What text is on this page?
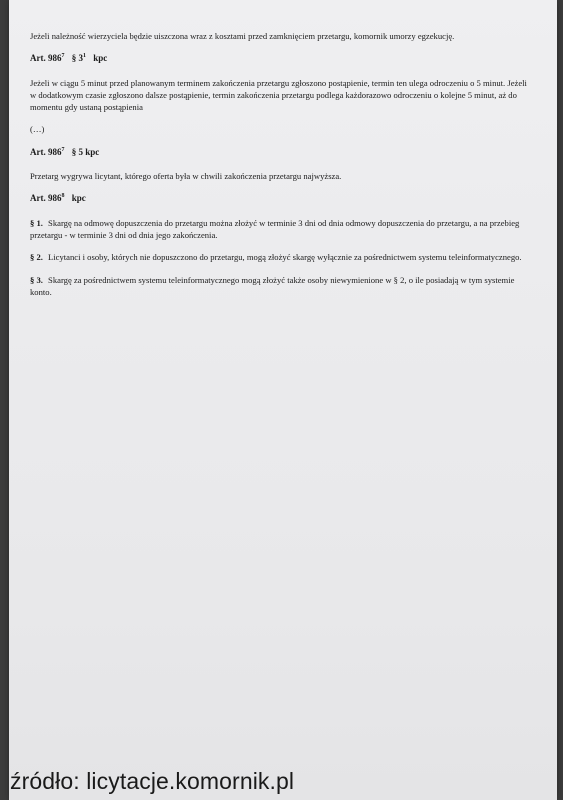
Jeżeli należność wierzyciela będzie uiszczona wraz z kosztami przed zamknięciem przetargu, komornik umorzy egzekucję.

Art. $986^7$ § $3^1$ kpc

Jeżeli w ciągu 5 minut przed planowanym terminem zakończenia przetargu zgłoszono postąpienie, termin ten ulega odroczeniu o 5 minut. Jeżeli w dodatkowym czasie zgłoszono dalsze postąpienie, termin zakończenia przetargu podlega każdorazowo odroczeniu o kolejne 5 minut, aż do momentu gdy ustaną postąpienia

(…)

Art. $986^7$ § 5 kpc

Przetarg wygrywa licytant, którego oferta była w chwili zakończenia przetargu najwyższa.

Art. $986^8$ kpc

§ 1. Skargę na odmowę dopuszczenia do przetargu można złożyć w terminie 3 dni od dnia odmowy dopuszczenia do przetargu, a na przebieg przetargu - w terminie 3 dni od dnia jego zakończenia.

§ 2. Licytanci i osoby, których nie dopuszczono do przetargu, mogą złożyć skargę wyłącznie za pośrednictwem systemu teleinformatycznego.

§ 3. Skargę za pośrednictwem systemu teleinformatycznego mogą złożyć także osoby niewymienione w § 2, o ile posiadają w tym systemie konto.

źródło: licytacje.komornik.pl
